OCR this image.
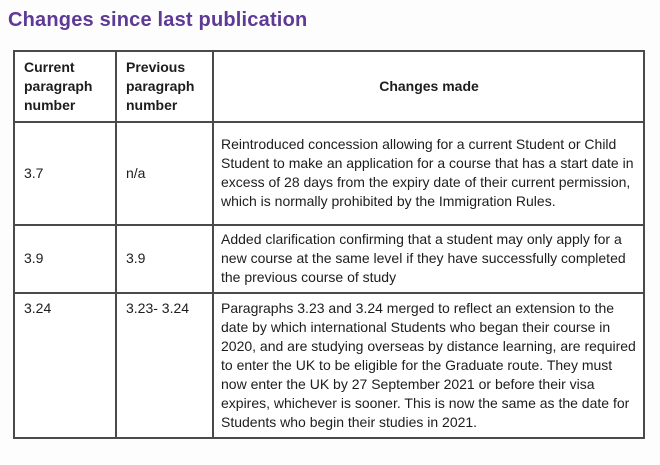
Changes since last publication
Current paragraph number	Previous paragraph number	Changes made
3.7	n/a	Reintroduced concession allowing for a current Student or Child Student to make an application for a course that has a start date in excess of 28 days from the expiry date of their current permission, which is normally prohibited by the Immigration Rules.
3.9	3.9	Added clarification confirming that a student may only apply for a new course at the same level if they have successfully completed the previous course of study
3.24	3.23- 3.24	Paragraphs 3.23 and 3.24 merged to reflect an extension to the date by which international Students who began their course in 2020, and are studying overseas by distance learning, are required to enter the UK to be eligible for the Graduate route. They must now enter the UK by 27 September 2021 or before their visa expires, whichever is sooner. This is now the same as the date for Students who begin their studies in 2021.
